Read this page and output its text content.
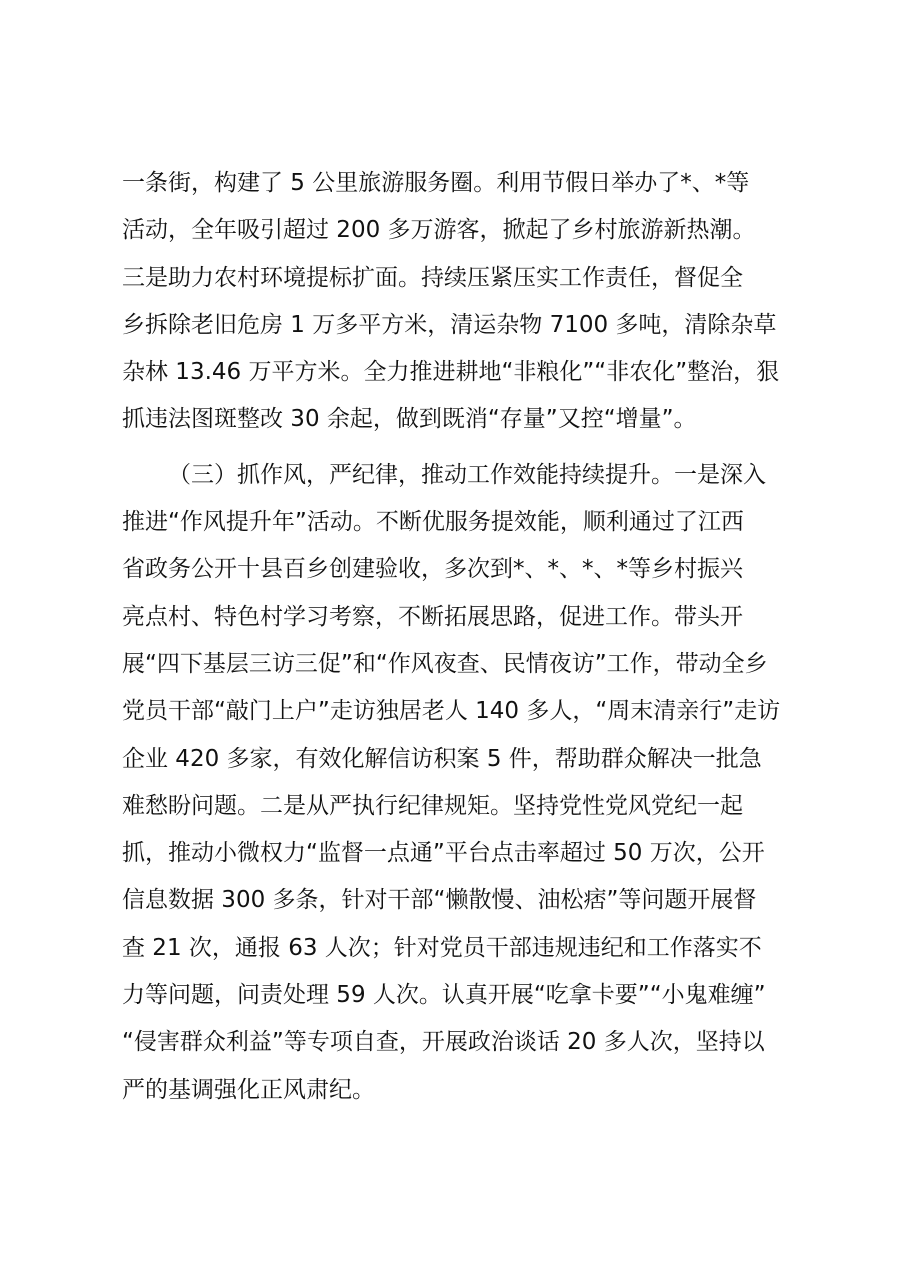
一条街，构建了 5 公里旅游服务圈。利用节假日举办了*、*等
活动，全年吸引超过 200 多万游客，掀起了乡村旅游新热潮。
三是助力农村环境提标扩面。持续压紧压实工作责任，督促全
乡拆除老旧危房 1 万多平方米，清运杂物 7100 多吨，清除杂草
杂林 13.46 万平方米。全力推进耕地“非粮化”“非农化”整治，狠
抓违法图斑整改 30 余起，做到既消“存量”又控“增量”。
（三）抓作风，严纪律，推动工作效能持续提升。一是深入
推进“作风提升年”活动。不断优服务提效能，顺利通过了江西
省政务公开十县百乡创建验收，多次到*、*、*、*等乡村振兴
亮点村、特色村学习考察，不断拓展思路，促进工作。带头开
展“四下基层三访三促”和“作风夜查、民情夜访”工作，带动全乡
党员干部“敲门上户”走访独居老人 140 多人，“周末清亲行”走访
企业 420 多家，有效化解信访积案 5 件，帮助群众解决一批急
难愁盼问题。二是从严执行纪律规矩。坚持党性党风党纪一起
抓，推动小微权力“监督一点通”平台点击率超过 50 万次，公开
信息数据 300 多条，针对干部“懒散慢、油松痞”等问题开展督
查 21 次，通报 63 人次；针对党员干部违规违纪和工作落实不
力等问题，问责处理 59 人次。认真开展“吃拿卡要”“小鬼难缠”
“侵害群众利益”等专项自查，开展政治谈话 20 多人次，坚持以
严的基调强化正风肃纪。
